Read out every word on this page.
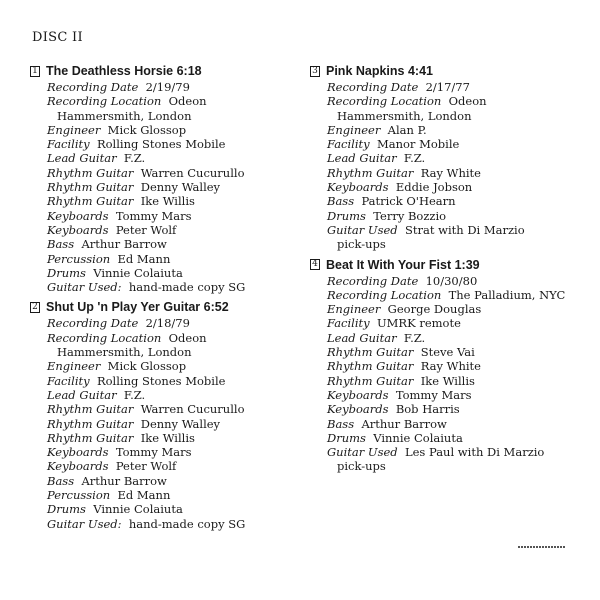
DISC II
1 The Deathless Horsie 6:18
Recording Date 2/19/79
Recording Location Odeon
Hammersmith, London
Engineer Mick Glossop
Facility Rolling Stones Mobile
Lead Guitar F.Z.
Rhythm Guitar Warren Cucurullo
Rhythm Guitar Denny Walley
Rhythm Guitar Ike Willis
Keyboards Tommy Mars
Keyboards Peter Wolf
Bass Arthur Barrow
Percussion Ed Mann
Drums Vinnie Colaiuta
Guitar Used: hand-made copy SG
2 Shut Up 'n Play Yer Guitar 6:52
Recording Date 2/18/79
Recording Location Odeon
Hammersmith, London
Engineer Mick Glossop
Facility Rolling Stones Mobile
Lead Guitar F.Z.
Rhythm Guitar Warren Cucurullo
Rhythm Guitar Denny Walley
Rhythm Guitar Ike Willis
Keyboards Tommy Mars
Keyboards Peter Wolf
Bass Arthur Barrow
Percussion Ed Mann
Drums Vinnie Colaiuta
Guitar Used: hand-made copy SG
3 Pink Napkins 4:41
Recording Date 2/17/77
Recording Location Odeon
Hammersmith, London
Engineer Alan P.
Facility Manor Mobile
Lead Guitar F.Z.
Rhythm Guitar Ray White
Keyboards Eddie Jobson
Bass Patrick O'Hearn
Drums Terry Bozzio
Guitar Used Strat with Di Marzio
pick-ups
4 Beat It With Your Fist 1:39
Recording Date 10/30/80
Recording Location The Palladium, NYC
Engineer George Douglas
Facility UMRK remote
Lead Guitar F.Z.
Rhythm Guitar Steve Vai
Rhythm Guitar Ray White
Rhythm Guitar Ike Willis
Keyboards Tommy Mars
Keyboards Bob Harris
Bass Arthur Barrow
Drums Vinnie Colaiuta
Guitar Used Les Paul with Di Marzio
pick-ups
